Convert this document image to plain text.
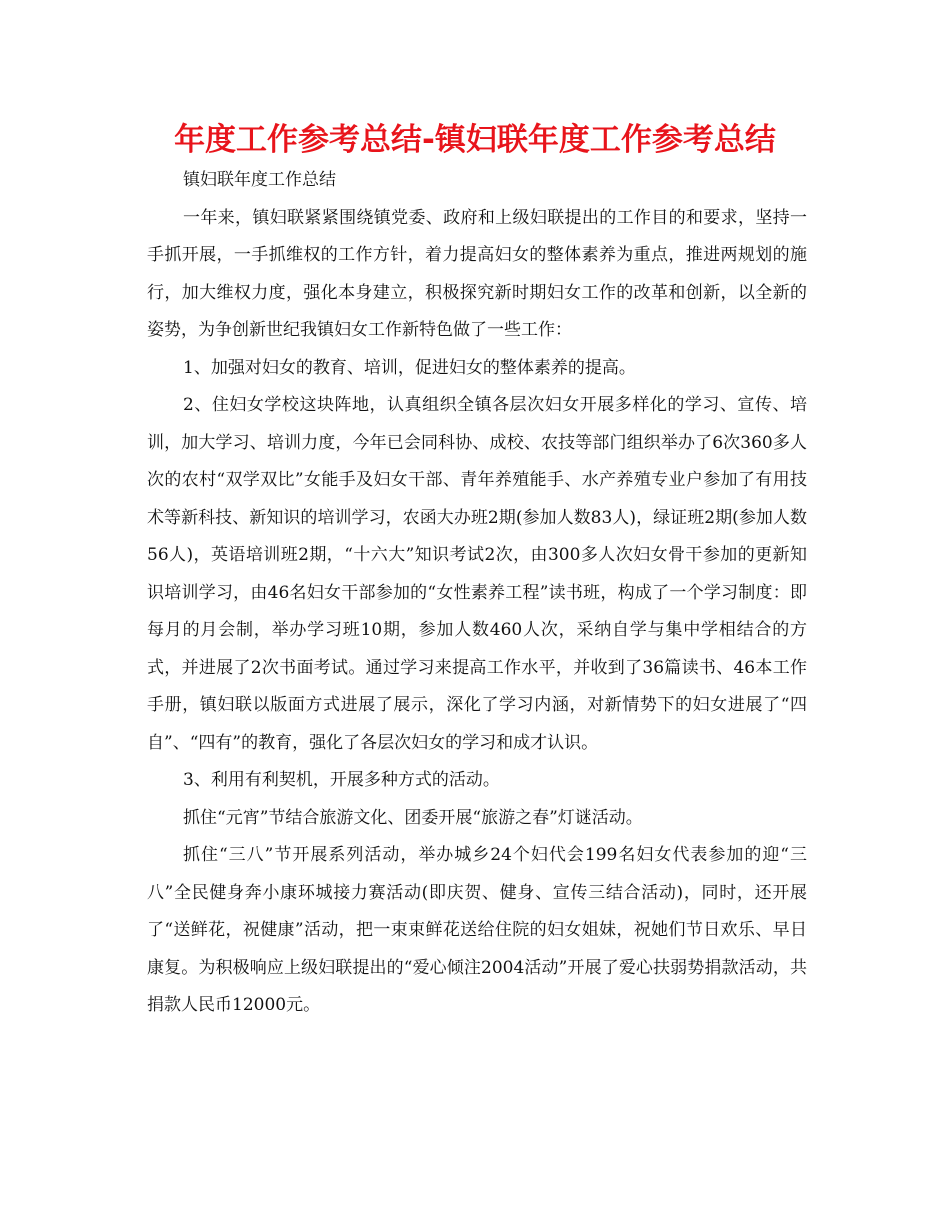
年度工作参考总结-镇妇联年度工作参考总结

镇妇联年度工作总结

一年来，镇妇联紧紧围绕镇党委、政府和上级妇联提出的工作目的和要求，坚持一手抓开展，一手抓维权的工作方针，着力提高妇女的整体素养为重点，推进两规划的施行，加大维权力度，强化本身建立，积极探究新时期妇女工作的改革和创新，以全新的姿势，为争创新世纪我镇妇女工作新特色做了一些工作：

1、加强对妇女的教育、培训，促进妇女的整体素养的提高。

2、住妇女学校这块阵地，认真组织全镇各层次妇女开展多样化的学习、宣传、培训，加大学习、培训力度，今年已会同科协、成校、农技等部门组织举办了6次360多人次的农村“双学双比”女能手及妇女干部、青年养殖能手、水产养殖专业户参加了有用技术等新科技、新知识的培训学习，农函大办班2期(参加人数83人)，绿证班2期(参加人数56人)，英语培训班2期，“十六大”知识考试2次，由300多人次妇女骨干参加的更新知识培训学习，由46名妇女干部参加的“女性素养工程”读书班，构成了一个学习制度：即每月的月会制，举办学习班10期，参加人数460人次，采纳自学与集中学相结合的方式，并进展了2次书面考试。通过学习来提高工作水平，并收到了36篇读书、46本工作手册，镇妇联以版面方式进展了展示，深化了学习内涵，对新情势下的妇女进展了“四自”、“四有”的教育，强化了各层次妇女的学习和成才认识。

3、利用有利契机，开展多种方式的活动。

抓住“元宵”节结合旅游文化、团委开展“旅游之春”灯谜活动。

抓住“三八”节开展系列活动，举办城乡24个妇代会199名妇女代表参加的迎“三八”全民健身奔小康环城接力赛活动(即庆贺、健身、宣传三结合活动)，同时，还开展了“送鲜花，祝健康”活动，把一束束鲜花送给住院的妇女姐妹，祝她们节日欢乐、早日康复。为积极响应上级妇联提出的“爱心倾注2004活动”开展了爱心扶弱势捐款活动，共捐款人民币12000元。
